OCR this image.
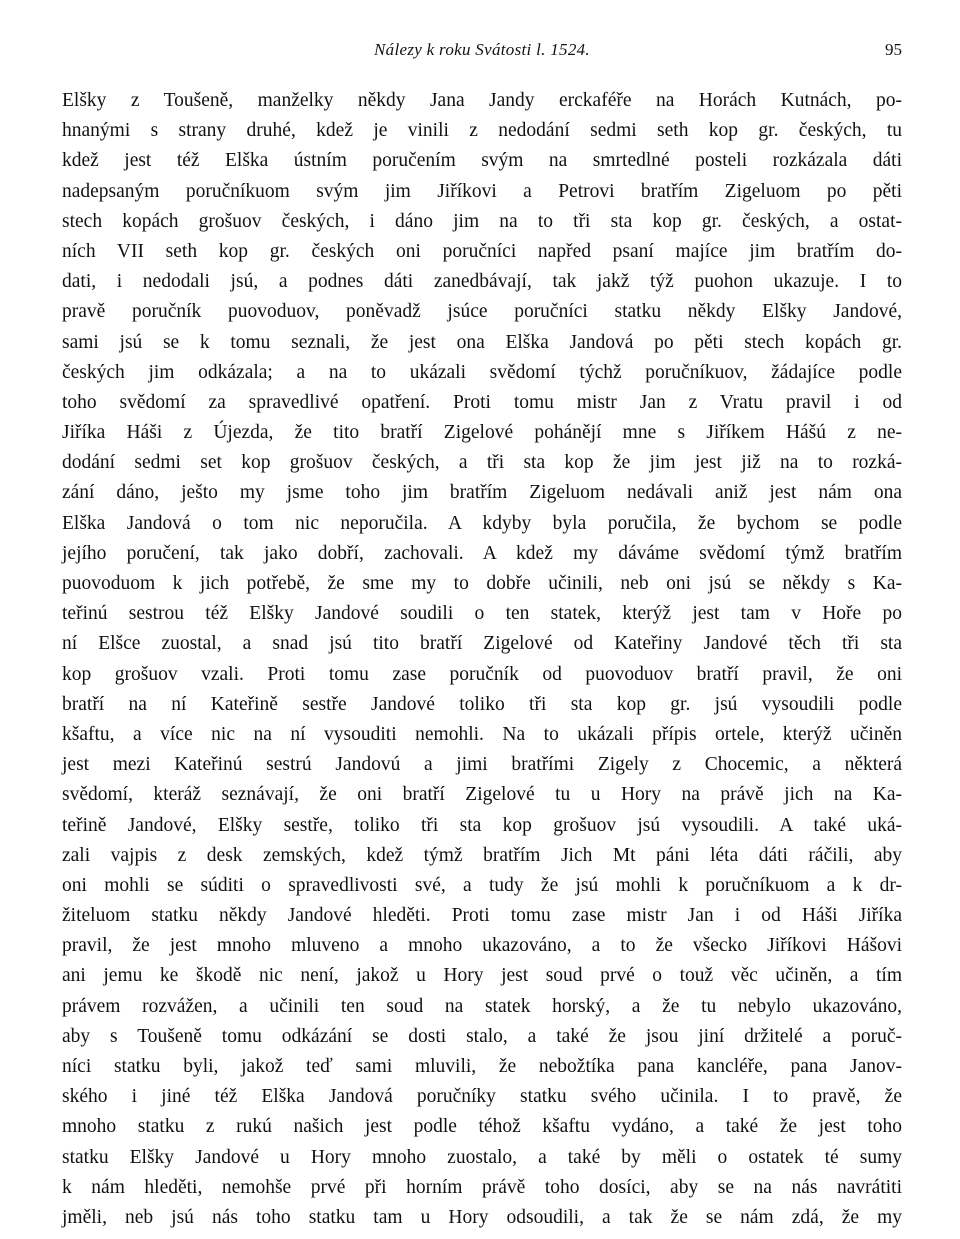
Nálezy k roku Svátosti l. 1524.	95
Elšky z Toušeně, manželky někdy Jana Jandy erckaféře na Horách Kutnách, po-
hnanými s strany druhé, kdež je vinili z nedodání sedmi seth kop gr. českých, tu
kdež jest též Elška ústním poručením svým na smrtedlné posteli rozkázala dáti
nadepsaným poručníkuom svým jim Jiříkovi a Petrovi bratřím Zigeluom po pěti
stech kopách grošuov českých, i dáno jim na to tři sta kop gr. českých, a ostat-
ních VII seth kop gr. českých oni poručníci napřed psaní majíce jim bratřím do-
dati, i nedodali jsú, a podnes dáti zanedbávají, tak jakž týž puohon ukazuje. I to
pravě poručník puovoduov, poněvadž jsúce poručníci statku někdy Elšky Jandové,
sami jsú se k tomu seznali, že jest ona Elška Jandová po pěti stech kopách gr.
českých jim odkázala; a na to ukázali svědomí týchž poručníkuov, žádajíce podle
toho svědomí za spravedlivé opatření. Proti tomu mistr Jan z Vratu pravil i od
Jiříka Háši z Újezda, že tito bratří Zigelové pohánějí mne s Jiříkem Hášú z ne-
dodání sedmi set kop grošuov českých, a tři sta kop že jim jest již na to rozká-
zání dáno, ješto my jsme toho jim bratřím Zigeluom nedávali aniž jest nám ona
Elška Jandová o tom nic neporučila. A kdyby byla poručila, že bychom se podle
jejího poručení, tak jako dobří, zachovali. A kdež my dáváme svědomí týmž bratřím
puovoduom k jich potřebě, že sme my to dobře učinili, neb oni jsú se někdy s Ka-
teřinú sestrou též Elšky Jandové soudili o ten statek, kterýž jest tam v Hoře po
ní Elšce zuostal, a snad jsú tito bratří Zigelové od Kateřiny Jandové těch tři sta
kop grošuov vzali. Proti tomu zase poručník od puovoduov bratří pravil, že oni
bratří na ní Kateřině sestře Jandové toliko tři sta kop gr. jsú vysoudili podle
kšaftu, a více nic na ní vysouditi nemohli. Na to ukázali přípis ortele, kterýž učiněn
jest mezi Kateřinú sestrú Jandovú a jimi bratřími Zigely z Chocemic, a některá
svědomí, kteráž seznávají, že oni bratří Zigelové tu u Hory na právě jich na Ka-
teřině Jandové, Elšky sestře, toliko tři sta kop grošuov jsú vysoudili. A také uká-
zali vajpis z desk zemských, kdež týmž bratřím Jich Mt páni léta dáti ráčili, aby
oni mohli se súditi o spravedlivosti své, a tudy že jsú mohli k poručníkuom a k dr-
žiteluom statku někdy Jandové hleděti. Proti tomu zase mistr Jan i od Háši Jiříka
pravil, že jest mnoho mluveno a mnoho ukazováno, a to že všecko Jiříkovi Hášovi
ani jemu ke škodě nic není, jakož u Hory jest soud prvé o touž věc učiněn, a tím
právem rozvážen, a učinili ten soud na statek horský, a že tu nebylo ukazováno,
aby s Toušeně tomu odkázání se dosti stalo, a také že jsou jiní držitelé a poruč-
níci statku byli, jakož teď sami mluvili, že nebožtíka pana kancléře, pana Janov-
ského i jiné též Elška Jandová poručníky statku svého učinila. I to pravě, že
mnoho statku z rukú našich jest podle téhož kšaftu vydáno, a také že jest toho
statku Elšky Jandové u Hory mnoho zuostalo, a také by měli o ostatek té sumy
k nám hleděti, nemohše prvé při horním právě toho dosíci, aby se na nás navrátiti
jměli, neb jsú nás toho statku tam u Hory odsoudili, a tak že se nám zdá, že my
